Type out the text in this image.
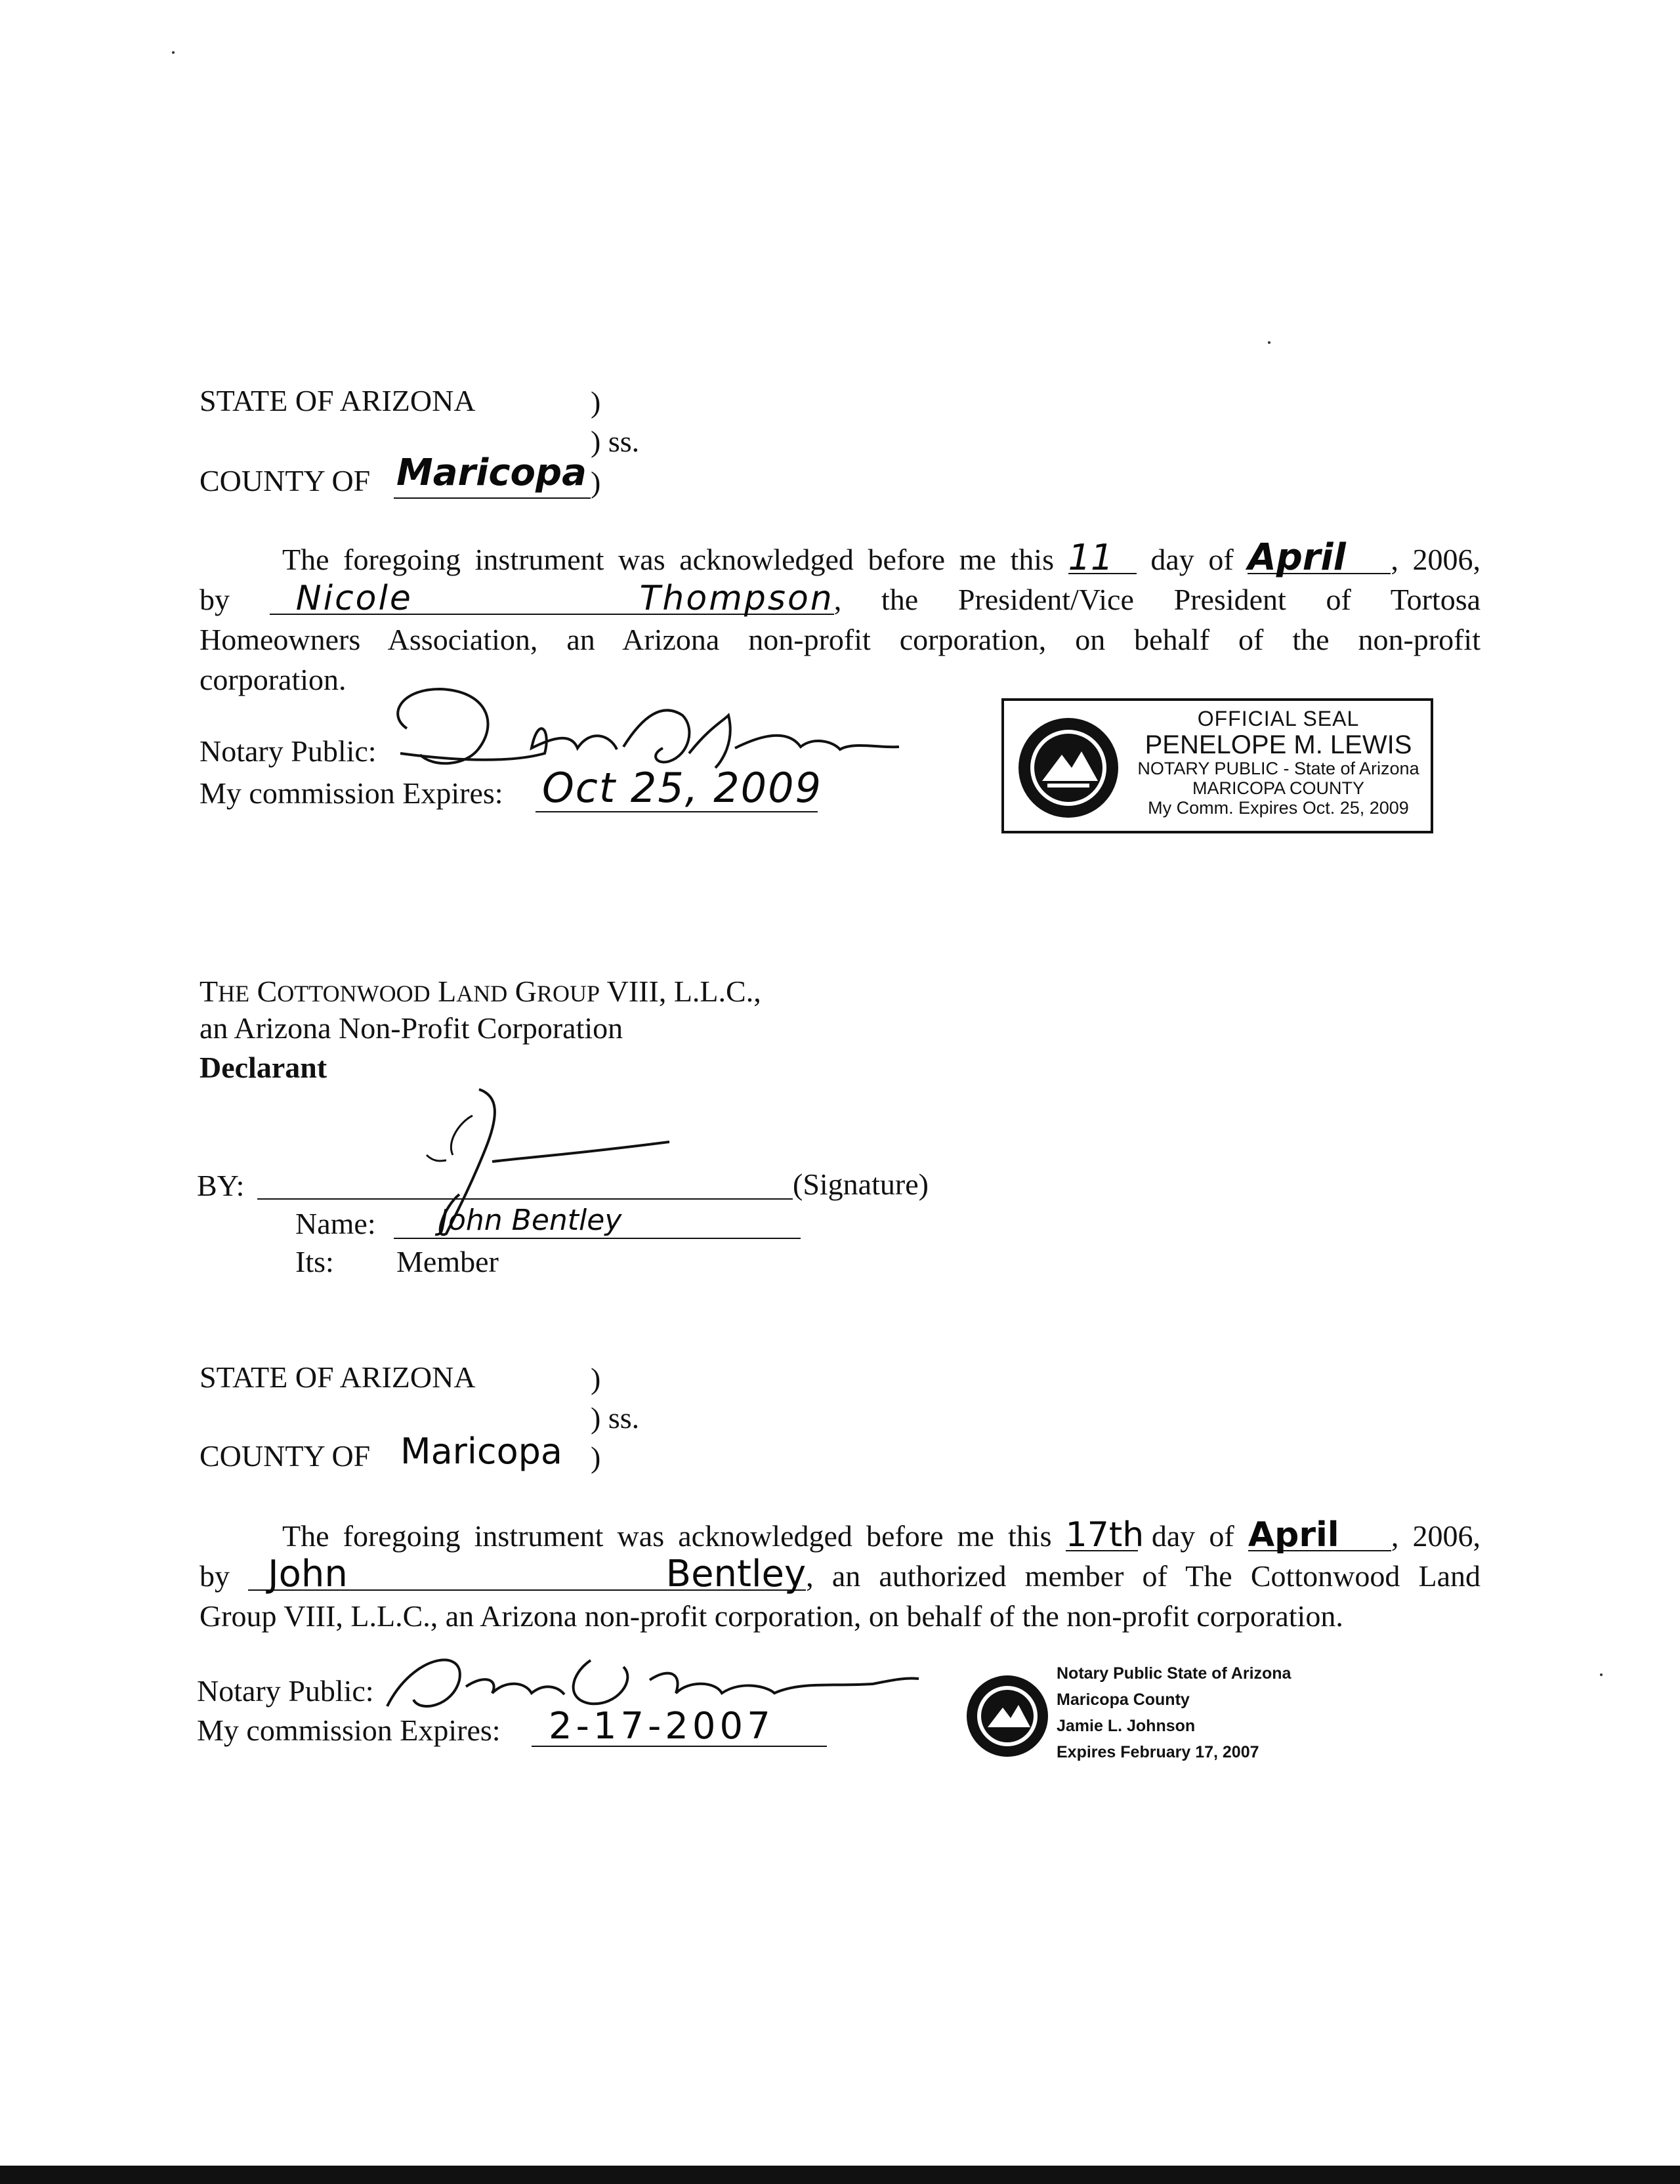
STATE OF ARIZONA	)
) ss.
COUNTY OF Maricopa )
The foregoing instrument was acknowledged before me this 11 day of April , 2006,
by Nicole Thompson, the President/Vice President of Tortosa
Homeowners Association, an Arizona non-profit corporation, on behalf of the non-profit
corporation.
Notary Public:
My commission Expires: Oct 25, 2009
OFFICIAL SEAL
PENELOPE M. LEWIS
NOTARY PUBLIC - State of Arizona
MARICOPA COUNTY
My Comm. Expires Oct. 25, 2009
THE COTTONWOOD LAND GROUP VIII, L.L.C.,
an Arizona Non-Profit Corporation
Declarant
BY:	(Signature)
Name: John Bentley
Its: Member
STATE OF ARIZONA	)
) ss.
COUNTY OF Maricopa )
The foregoing instrument was acknowledged before me this 17th day of April , 2006,
by John Bentley, an authorized member of The Cottonwood Land
Group VIII, L.L.C., an Arizona non-profit corporation, on behalf of the non-profit corporation.
Notary Public:
My commission Expires: 2-17-2007
Notary Public State of Arizona
Maricopa County
Jamie L. Johnson
Expires February 17, 2007
